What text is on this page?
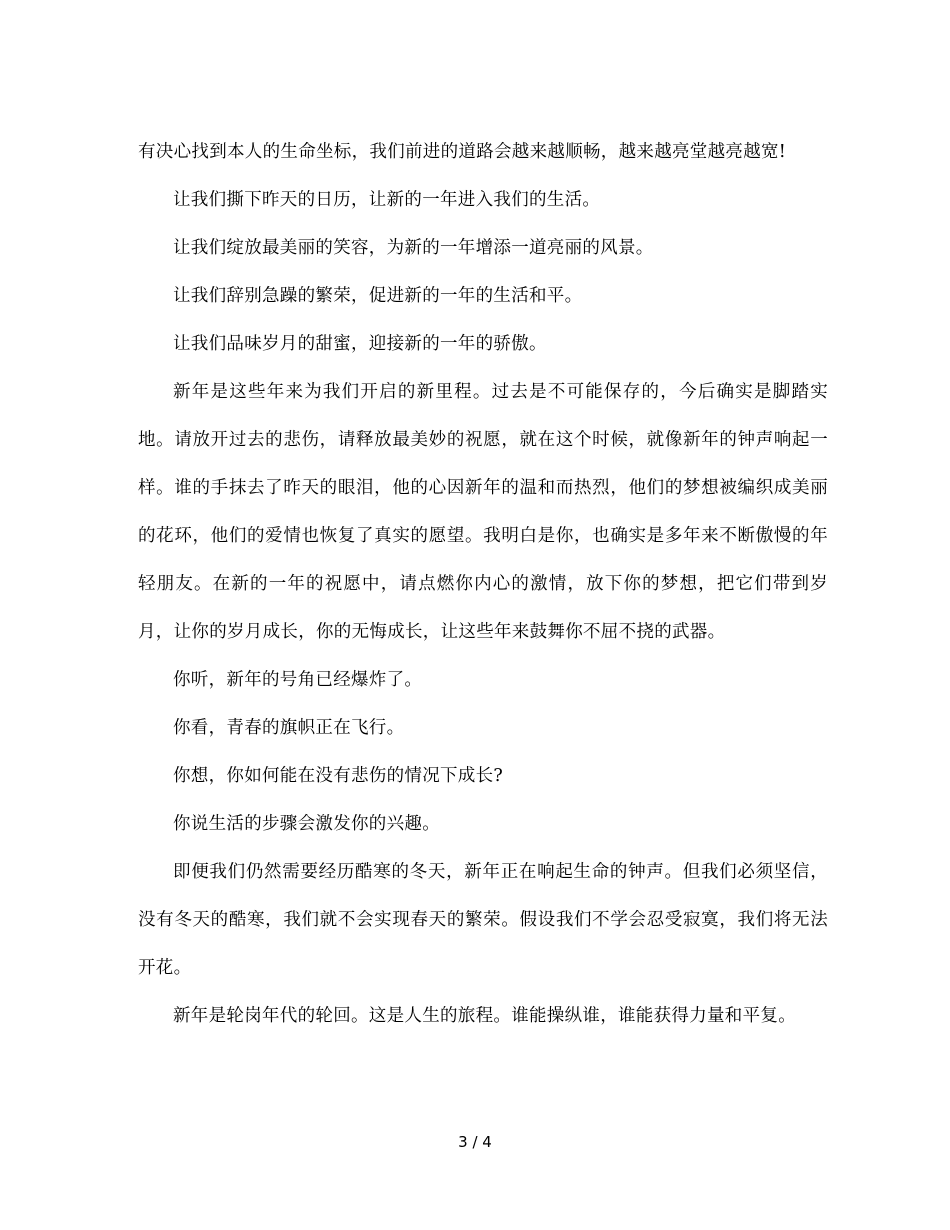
有决心找到本人的生命坐标，我们前进的道路会越来越顺畅，越来越亮堂越亮越宽!

让我们撕下昨天的日历，让新的一年进入我们的生活。

让我们绽放最美丽的笑容，为新的一年增添一道亮丽的风景。

让我们辞别急躁的繁荣，促进新的一年的生活和平。

让我们品味岁月的甜蜜，迎接新的一年的骄傲。

新年是这些年来为我们开启的新里程。过去是不可能保存的，今后确实是脚踏实地。请放开过去的悲伤，请释放最美妙的祝愿，就在这个时候，就像新年的钟声响起一样。谁的手抹去了昨天的眼泪，他的心因新年的温和而热烈，他们的梦想被编织成美丽的花环，他们的爱情也恢复了真实的愿望。我明白是你，也确实是多年来不断傲慢的年轻朋友。在新的一年的祝愿中，请点燃你内心的激情，放下你的梦想，把它们带到岁月，让你的岁月成长，你的无悔成长，让这些年来鼓舞你不屈不挠的武器。

你听，新年的号角已经爆炸了。

你看，青春的旗帜正在飞行。

你想，你如何能在没有悲伤的情况下成长?

你说生活的步骤会激发你的兴趣。

即便我们仍然需要经历酷寒的冬天，新年正在响起生命的钟声。但我们必须坚信，没有冬天的酷寒，我们就不会实现春天的繁荣。假设我们不学会忍受寂寞，我们将无法开花。

新年是轮岗年代的轮回。这是人生的旅程。谁能操纵谁，谁能获得力量和平复。

3 / 4
